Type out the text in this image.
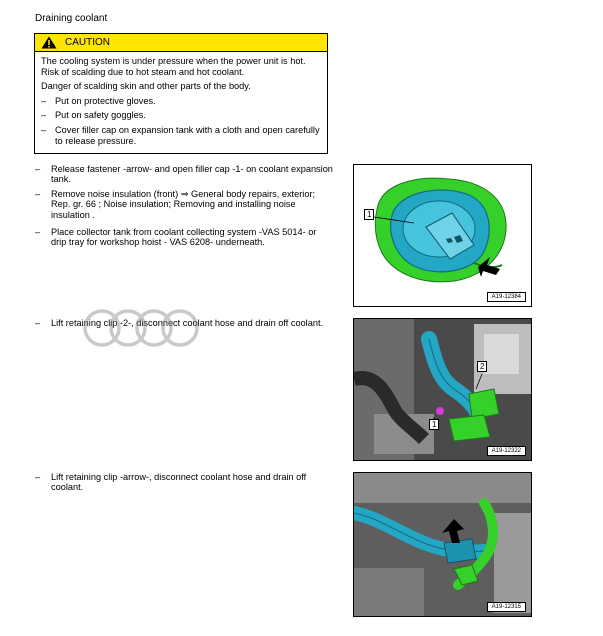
Draining coolant
CAUTION

The cooling system is under pressure when the power unit is hot. Risk of scalding due to hot steam and hot coolant.

Danger of scalding skin and other parts of the body.

– Put on protective gloves.
– Put on safety goggles.
– Cover filler cap on expansion tank with a cloth and open carefully to release pressure.
–	Release fastener -arrow- and open filler cap -1- on coolant expansion tank.
–	Remove noise insulation (front) ⇒ General body repairs, exterior; Rep. gr. 66 ; Noise insulation; Removing and installing noise insulation .
–	Place collector tank from coolant collecting system -VAS 5014- or drip tray for workshop hoist - VAS 6208- underneath.
–	Lift retaining clip -2-, disconnect coolant hose and drain off coolant.
–	Lift retaining clip -arrow-, disconnect coolant hose and drain off coolant.
1
A19-12384
2
1
A19-12322
A19-12315
